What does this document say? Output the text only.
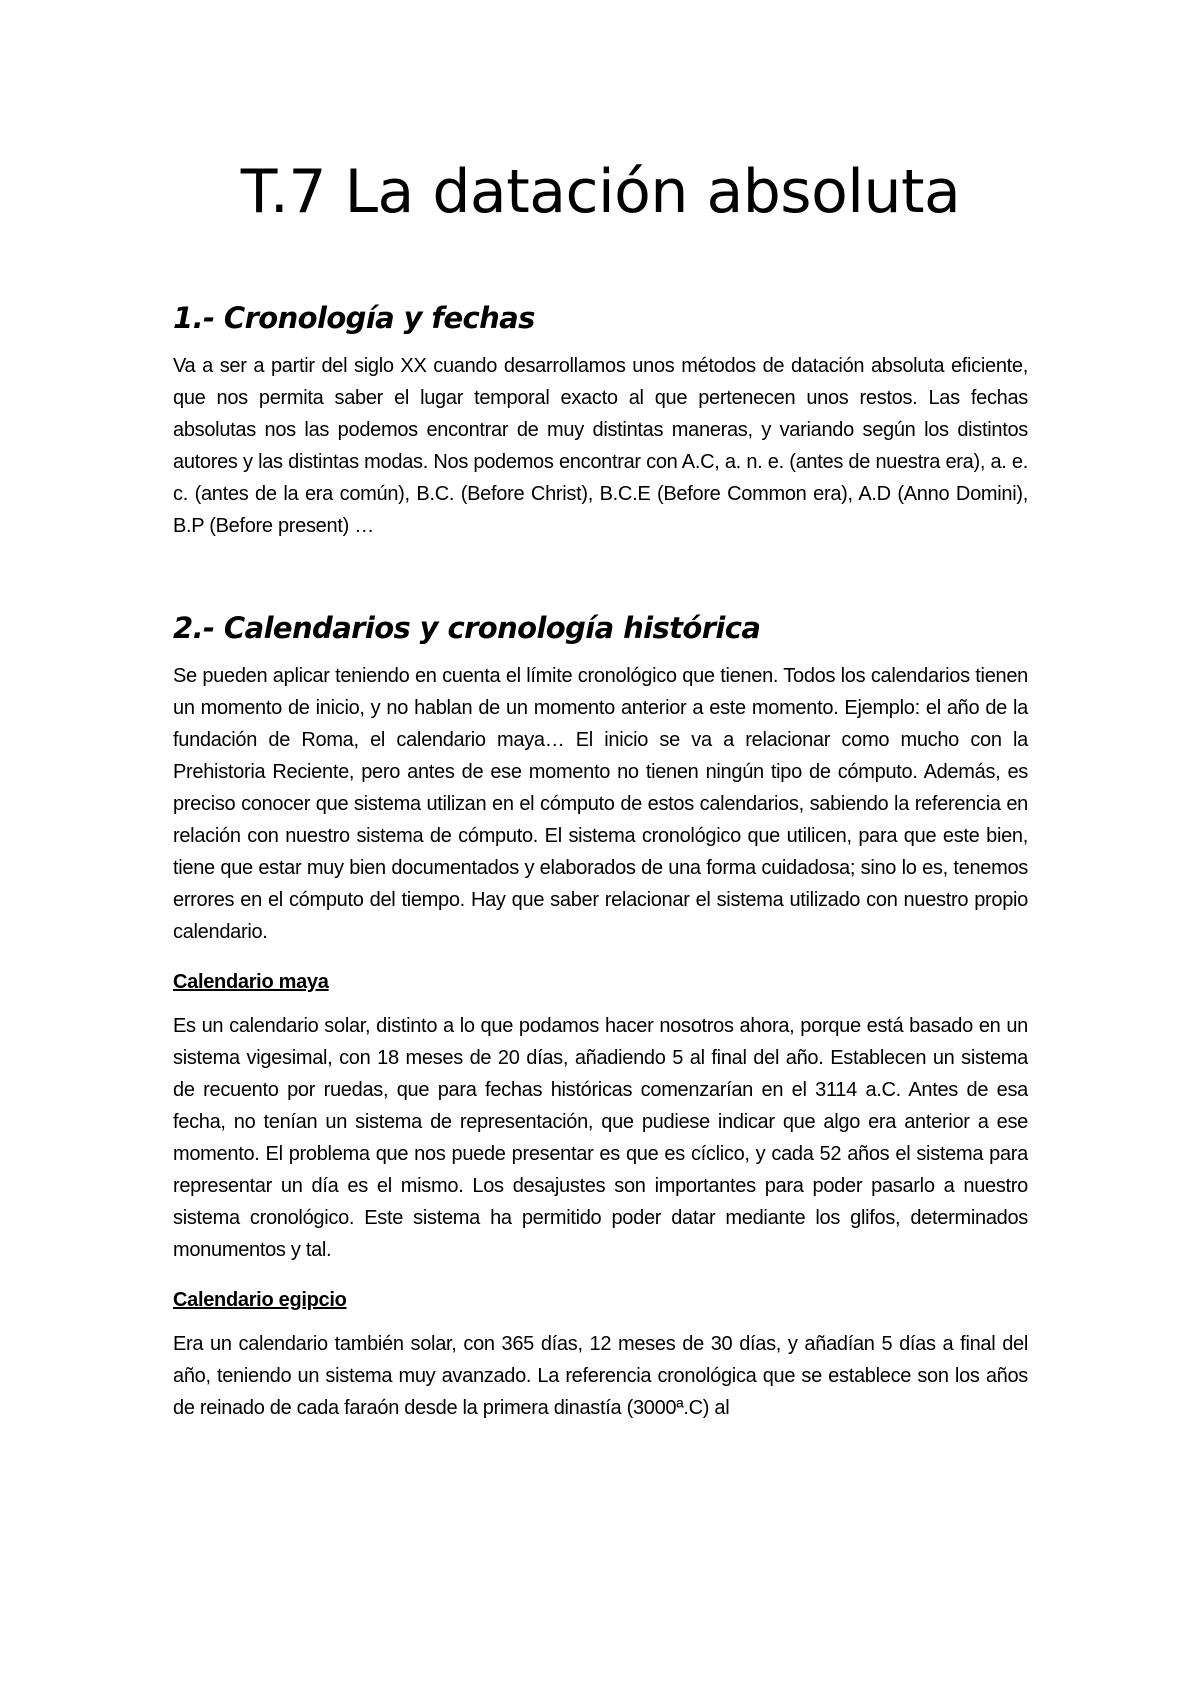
T.7 La datación absoluta
1.- Cronología y fechas

Va a ser a partir del siglo XX cuando desarrollamos unos métodos de datación absoluta eficiente, que nos permita saber el lugar temporal exacto al que pertenecen unos restos. Las fechas absolutas nos las podemos encontrar de muy distintas maneras, y variando según los distintos autores y las distintas modas. Nos podemos encontrar con A.C, a. n. e. (antes de nuestra era), a. e. c. (antes de la era común), B.C. (Before Christ), B.C.E (Before Common era), A.D (Anno Domini), B.P (Before present) …

2.- Calendarios y cronología histórica

Se pueden aplicar teniendo en cuenta el límite cronológico que tienen. Todos los calendarios tienen un momento de inicio, y no hablan de un momento anterior a este momento. Ejemplo: el año de la fundación de Roma, el calendario maya… El inicio se va a relacionar como mucho con la Prehistoria Reciente, pero antes de ese momento no tienen ningún tipo de cómputo. Además, es preciso conocer que sistema utilizan en el cómputo de estos calendarios, sabiendo la referencia en relación con nuestro sistema de cómputo. El sistema cronológico que utilicen, para que este bien, tiene que estar muy bien documentados y elaborados de una forma cuidadosa; sino lo es, tenemos errores en el cómputo del tiempo. Hay que saber relacionar el sistema utilizado con nuestro propio calendario.

Calendario maya

Es un calendario solar, distinto a lo que podamos hacer nosotros ahora, porque está basado en un sistema vigesimal, con 18 meses de 20 días, añadiendo 5 al final del año. Establecen un sistema de recuento por ruedas, que para fechas históricas comenzarían en el 3114 a.C. Antes de esa fecha, no tenían un sistema de representación, que pudiese indicar que algo era anterior a ese momento. El problema que nos puede presentar es que es cíclico, y cada 52 años el sistema para representar un día es el mismo. Los desajustes son importantes para poder pasarlo a nuestro sistema cronológico. Este sistema ha permitido poder datar mediante los glifos, determinados monumentos y tal.

Calendario egipcio

Era un calendario también solar, con 365 días, 12 meses de 30 días, y añadían 5 días a final del año, teniendo un sistema muy avanzado. La referencia cronológica que se establece son los años de reinado de cada faraón desde la primera dinastía (3000ª.C) al
